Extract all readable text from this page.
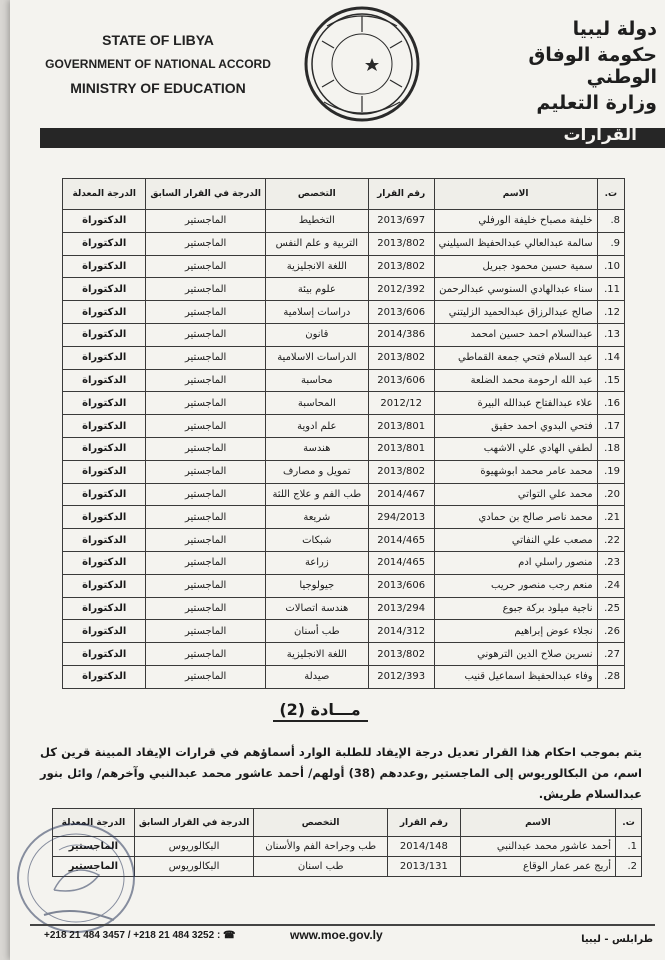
STATE OF LIBYA
GOVERNMENT OF NATIONAL ACCORD
MINISTRY OF EDUCATION
دولة ليبيا
حكومة الوفاق الوطني
وزارة التعليم
القرارات
ت.	الاسم	رقم القرار	التخصص	الدرجة في القرار السابق	الدرجة المعدلة
8.	خليفة مصباح خليفة الورفلي	2013/697	التخطيط	الماجستير	الدكتوراة
9.	سالمة عبدالعالي عبدالحفيظ السيليني	2013/802	التربية و علم النفس	الماجستير	الدكتوراة
10.	سمية حسين محمود جبريل	2013/802	اللغة الانجليزية	الماجستير	الدكتوراة
11.	سناء عبدالهادي السنوسي عبدالرحمن	2012/392	علوم بيئة	الماجستير	الدكتوراة
12.	صالح عبدالرزاق عبدالحميد الزليتني	2013/606	دراسات إسلامية	الماجستير	الدكتوراة
13.	عبدالسلام احمد حسين امحمد	2014/386	قانون	الماجستير	الدكتوراة
14.	عبد السلام فتحي جمعة القماطي	2013/802	الدراسات الاسلامية	الماجستير	الدكتوراة
15.	عبد الله ارحومة محمد الضلعة	2013/606	محاسبة	الماجستير	الدكتوراة
16.	علاء عبدالفتاح عبدالله البيرة	2012/12	المحاسبة	الماجستير	الدكتوراة
17.	فتحي البدوي احمد حقيق	2013/801	علم ادوية	الماجستير	الدكتوراة
18.	لطفي الهادي علي الاشهب	2013/801	هندسة	الماجستير	الدكتوراة
19.	محمد عامر محمد ابوشهيوة	2013/802	تمويل و مصارف	الماجستير	الدكتوراة
20.	محمد علي التواتي	2014/467	طب الفم و علاج اللثة	الماجستير	الدكتوراة
21.	محمد ناصر صالح بن حمادي	294/2013	شريعة	الماجستير	الدكتوراة
22.	مصعب علي النفاتي	2014/465	شبكات	الماجستير	الدكتوراة
23.	منصور راسلي ادم	2014/465	زراعة	الماجستير	الدكتوراة
24.	منعم رجب منصور حريب	2013/606	جيولوجيا	الماجستير	الدكتوراة
25.	ناجية ميلود بركة جبوع	2013/294	هندسة اتصالات	الماجستير	الدكتوراة
26.	نجلاء عوض إبراهيم	2014/312	طب أسنان	الماجستير	الدكتوراة
27.	نسرين صلاح الدين الترهوني	2013/802	اللغة الانجليزية	الماجستير	الدكتوراة
28.	وفاء عبدالحفيظ اسماعيل قنيب	2012/393	صيدلة	الماجستير	الدكتوراة
مـــادة (2)
يتم بموجب احكام هذا القرار تعديل درجة الإيفاد للطلبة الوارد أسماؤهم في قرارات الإيفاد المبينة قرين كل اسم، من البكالوريوس إلى الماجستير ,وعددهم (38) أولهم/ أحمد عاشور محمد عبدالنبي وآخرهم/ وائل بنور عبدالسلام طريش.
ت.	الاسم	رقم القرار	التخصص	الدرجة في القرار السابق	الدرجة المعدلة
1.	أحمد عاشور محمد عبدالنبي	2014/148	طب وجراحة الفم والأسنان	البكالوريوس	الماجستير
2.	أريج عمر عمار الوقاع	2013/131	طب اسنان	البكالوريوس	الماجستير
+218 21 484 3457 / +218 21 484 3252 : ☎	www.moe.gov.ly	طرابلس - ليبيا
